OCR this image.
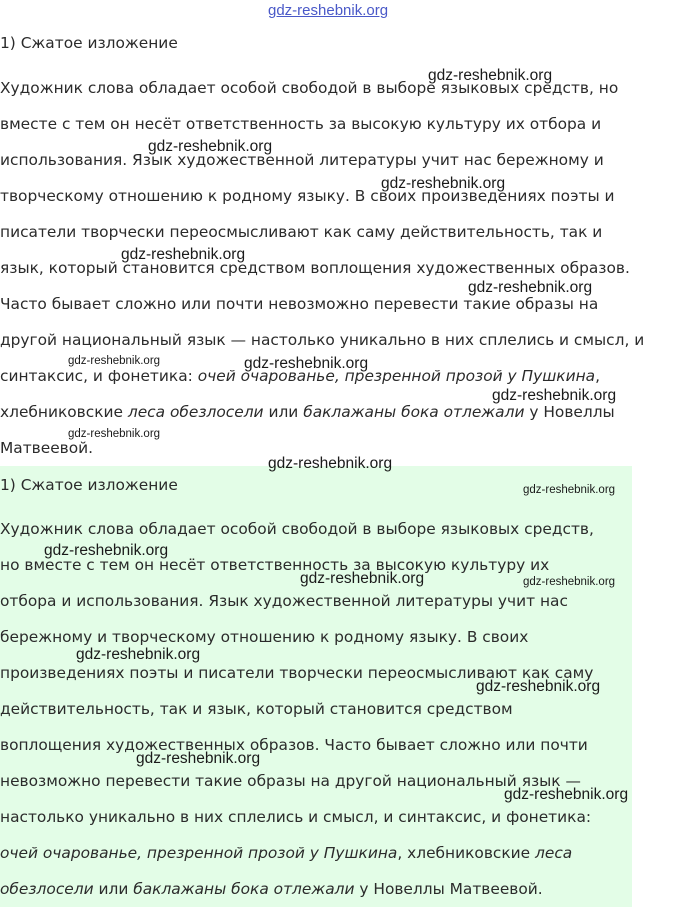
gdz-reshebnik.org
1) Сжатое изложение
Художник слова обладает особой свободой в выборе языковых средств, но
вместе с тем он несёт ответственность за высокую культуру их отбора и
использования. Язык художественной литературы учит нас бережному и
творческому отношению к родному языку. В своих произведениях поэты и
писатели творчески переосмысливают как саму действительность, так и
язык, который становится средством воплощения художественных образов.
Часто бывает сложно или почти невозможно перевести такие образы на
другой национальный язык — настолько уникально в них сплелись и смысл, и
синтаксис, и фонетика: очей очарованье, презренной прозой у Пушкина,
хлебниковские леса обезлосели или баклажаны бока отлежали у Новеллы
Матвеевой.
1) Сжатое изложение
Художник слова обладает особой свободой в выборе языковых средств,
но вместе с тем он несёт ответственность за высокую культуру их
отбора и использования. Язык художественной литературы учит нас
бережному и творческому отношению к родному языку. В своих
произведениях поэты и писатели творчески переосмысливают как саму
действительность, так и язык, который становится средством
воплощения художественных образов. Часто бывает сложно или почти
невозможно перевести такие образы на другой национальный язык —
настолько уникально в них сплелись и смысл, и синтаксис, и фонетика:
очей очарованье, презренной прозой у Пушкина, хлебниковские леса
обезлосели или баклажаны бока отлежали у Новеллы Матвеевой.
gdz-reshebnik.org
gdz-reshebnik.org
gdz-reshebnik.org
gdz-reshebnik.org
gdz-reshebnik.org
gdz-reshebnik.org	gdz-reshebnik.org
gdz-reshebnik.org
gdz-reshebnik.org
gdz-reshebnik.org
gdz-reshebnik.org
gdz-reshebnik.org
gdz-reshebnik.org	gdz-reshebnik.org
gdz-reshebnik.org
gdz-reshebnik.org
gdz-reshebnik.org
gdz-reshebnik.org
